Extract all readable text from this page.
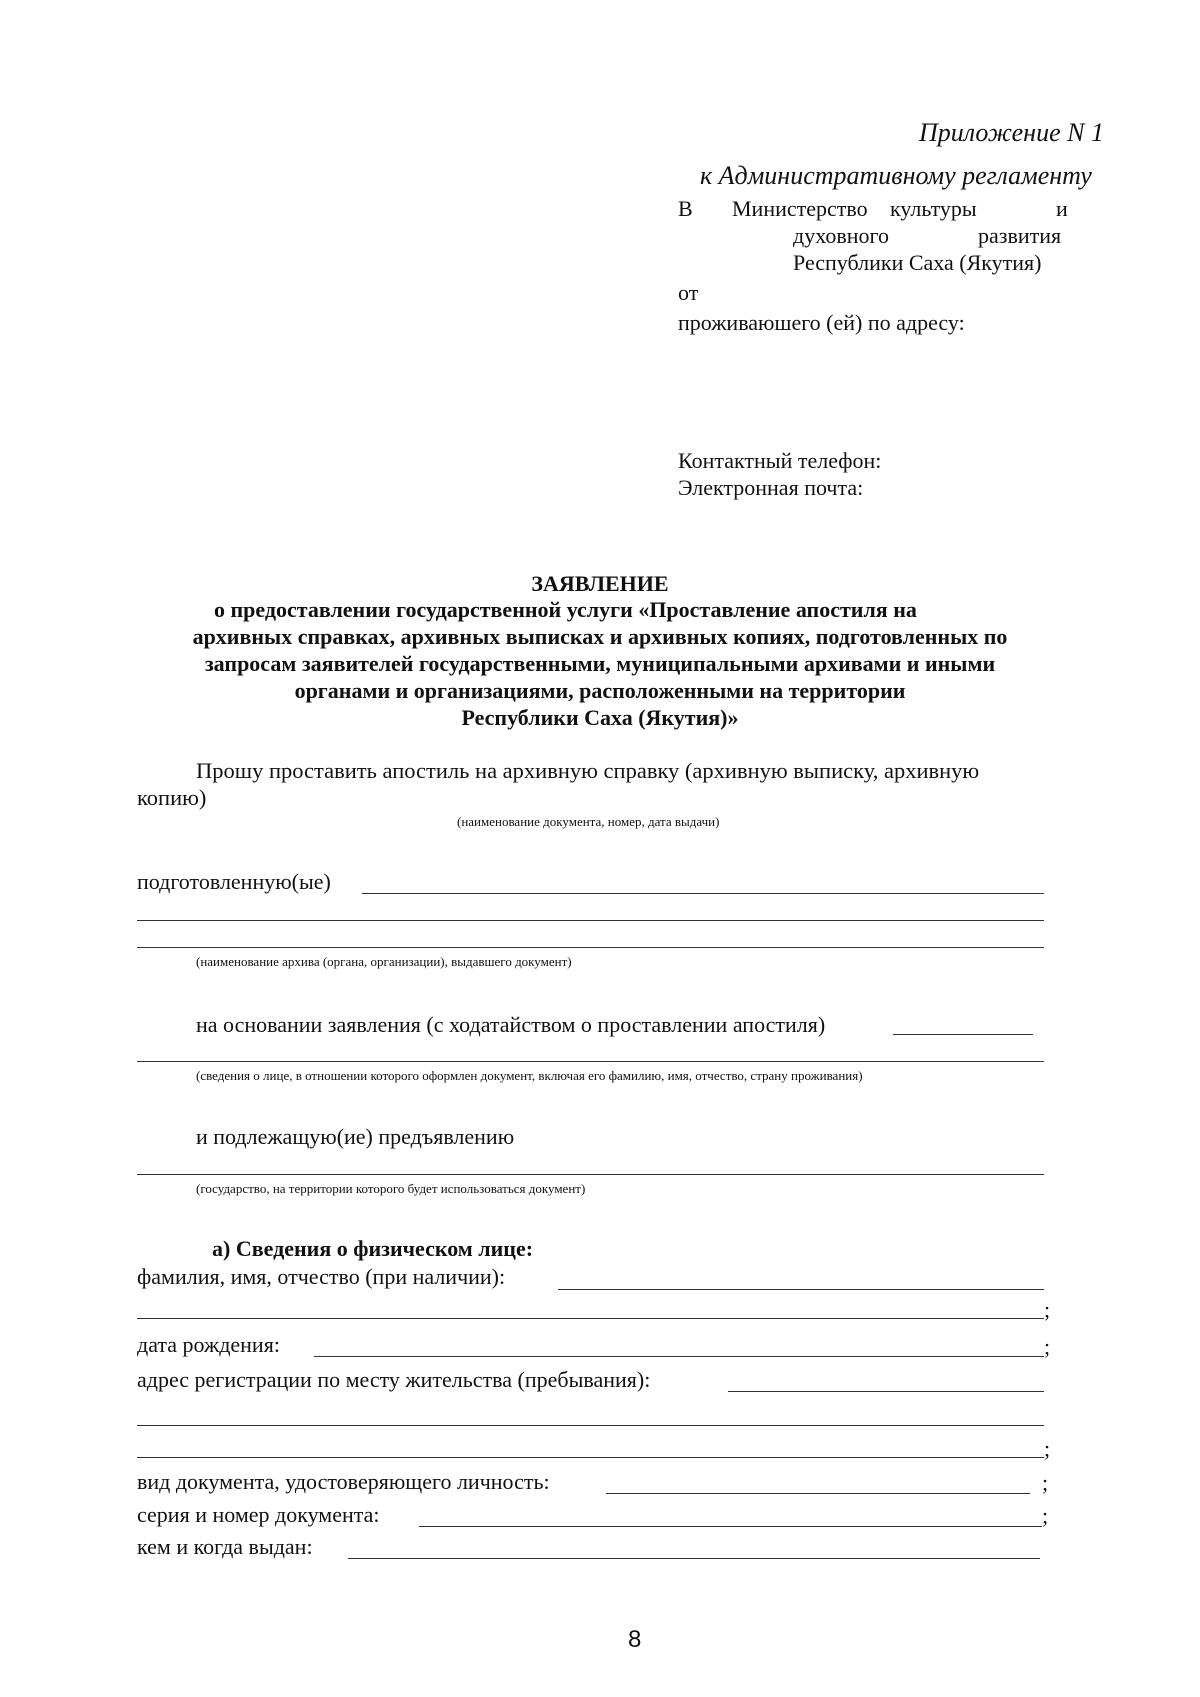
Приложение N 1
к Административному регламенту
В Министерство культуры	и
духовного	развития
Республики Саха (Якутия)
от
проживаюшего (ей) по адресу:
Контактный телефон:
Электронная почта:
ЗАЯВЛЕНИЕ
о предоставлении государственной услуги «Проставление апостиля на
архивных справках, архивных выписках и архивных копиях, подготовленных по
запросам заявителей государственными, муниципальными архивами и иными
органами и организациями, расположенными на территории
Республики Саха (Якутия)»
Прошу проставить апостиль на архивную справку (архивную выписку, архивную
копию)
(наименование документа, номер, дата выдачи)
подготовленную(ые)
(наименование архива (органа, организации), выдавшего документ)
на основании заявления (с ходатайством о проставлении апостиля)
(сведения о лице, в отношении которого оформлен документ, включая его фамилию, имя, отчество, страну проживания)
и подлежащую(ие) предъявлению
(государство, на территории которого будет использоваться документ)
а) Сведения о физическом лице:
фамилия, имя, отчество (при наличии):
;
дата рождения:	;
адрес регистрации по месту жительства (пребывания):
;
вид документа, удостоверяющего личность:	;
серия и номер документа:	;
кем и когда выдан:
8
